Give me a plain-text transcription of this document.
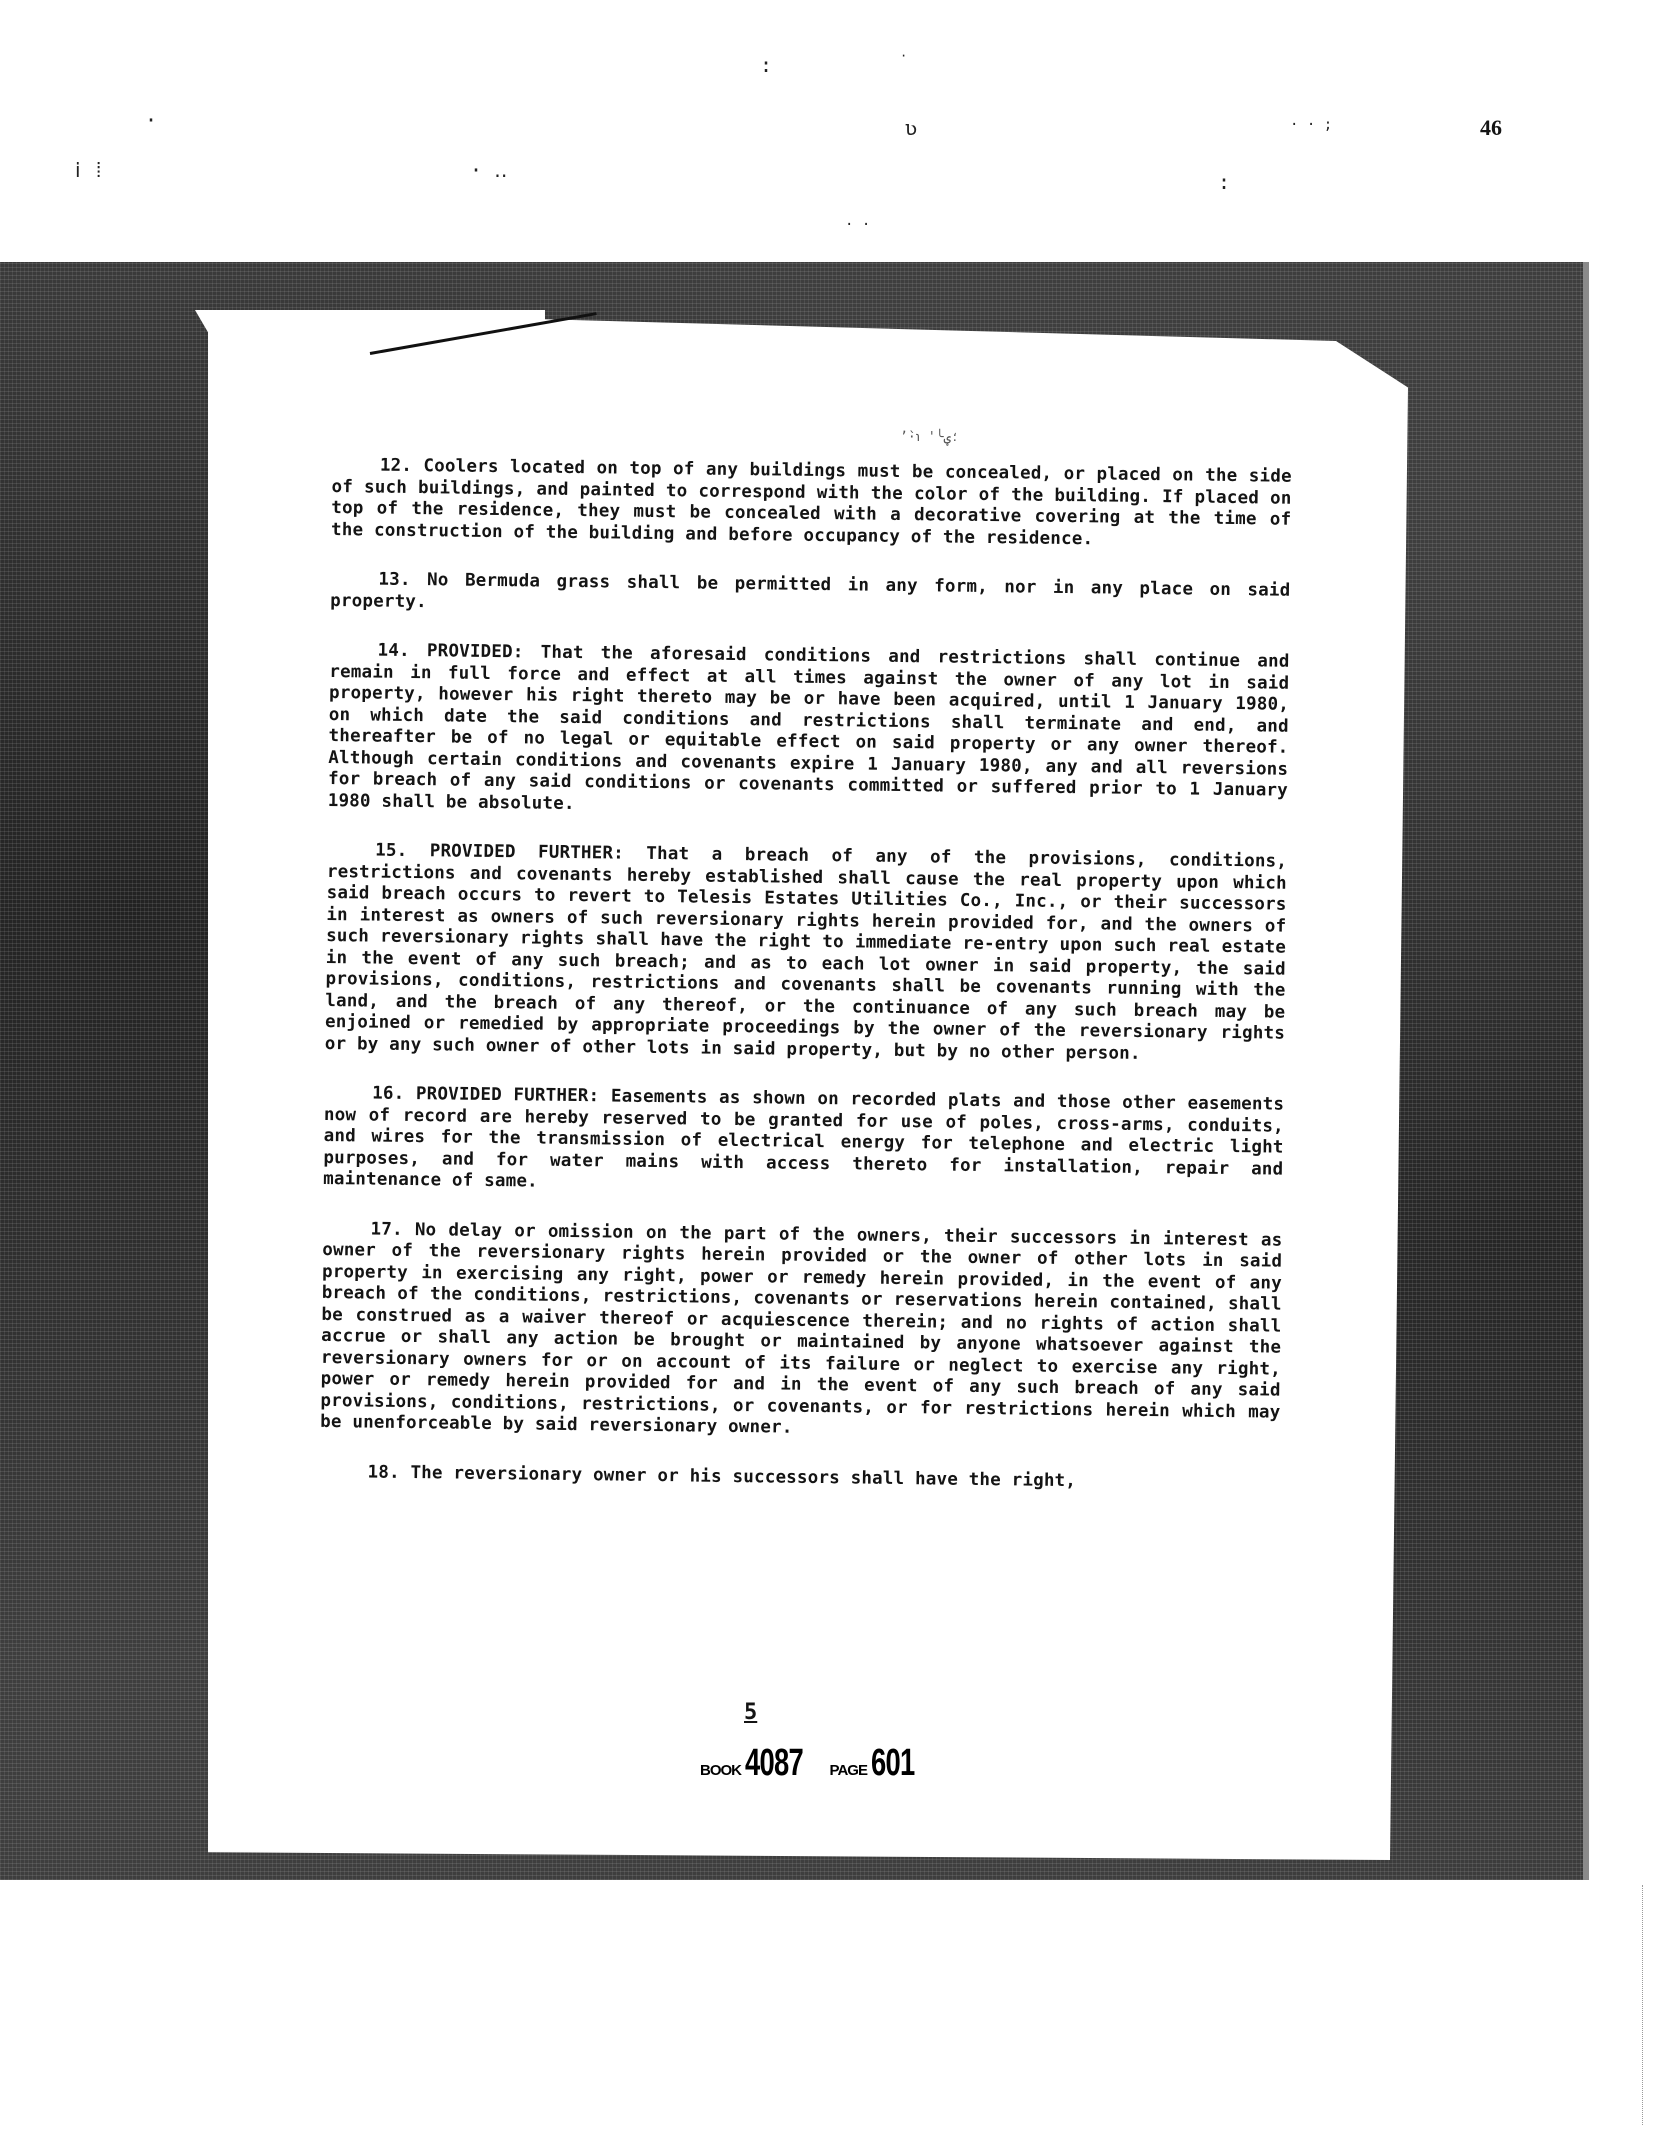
:	·
·	ʋ	· · ;
ⅰ ⁞	· ‥	:
· ·
46
ʼ·℩̀ '╰؛ؠ

12. Coolers located on top of any buildings must be concealed, or placed on the side of such buildings, and painted to correspond with the color of the building. If placed on top of the residence, they must be concealed with a decorative covering at the time of the construction of the building and before occupancy of the residence.

13. No Bermuda grass shall be permitted in any form, nor in any place on said property.

14. PROVIDED: That the aforesaid conditions and restrictions shall continue and remain in full force and effect at all times against the owner of any lot in said property, however his right thereto may be or have been acquired, until 1 January 1980, on which date the said conditions and restrictions shall terminate and end, and thereafter be of no legal or equitable effect on said property or any owner thereof. Although certain conditions and covenants expire 1 January 1980, any and all reversions for breach of any said conditions or covenants committed or suffered prior to 1 January 1980 shall be absolute.

15. PROVIDED FURTHER: That a breach of any of the provisions, conditions, restrictions and covenants hereby established shall cause the real property upon which said breach occurs to revert to Telesis Estates Utilities Co., Inc., or their successors in interest as owners of such reversionary rights herein provided for, and the owners of such reversionary rights shall have the right to immediate re-entry upon such real estate in the event of any such breach; and as to each lot owner in said property, the said provisions, conditions, restrictions and covenants shall be covenants running with the land, and the breach of any thereof, or the continuance of any such breach may be enjoined or remedied by appropriate proceedings by the owner of the reversionary rights or by any such owner of other lots in said property, but by no other person.

16. PROVIDED FURTHER: Easements as shown on recorded plats and those other easements now of record are hereby reserved to be granted for use of poles, cross-arms, conduits, and wires for the transmission of electrical energy for telephone and electric light purposes, and for water mains with access thereto for installation, repair and maintenance of same.

17. No delay or omission on the part of the owners, their successors in interest as owner of the reversionary rights herein provided or the owner of other lots in said property in exercising any right, power or remedy herein provided, in the event of any breach of the conditions, restrictions, covenants or reservations herein contained, shall be construed as a waiver thereof or acquiescence therein; and no rights of action shall accrue or shall any action be brought or maintained by anyone whatsoever against the reversionary owners for or on account of its failure or neglect to exercise any right, power or remedy herein provided for and in the event of any such breach of any said provisions, conditions, restrictions, or covenants, or for restrictions herein which may be unenforceable by said reversionary owner.

18. The reversionary owner or his successors shall have the right,

5
BOOK 4087 PAGE 601
